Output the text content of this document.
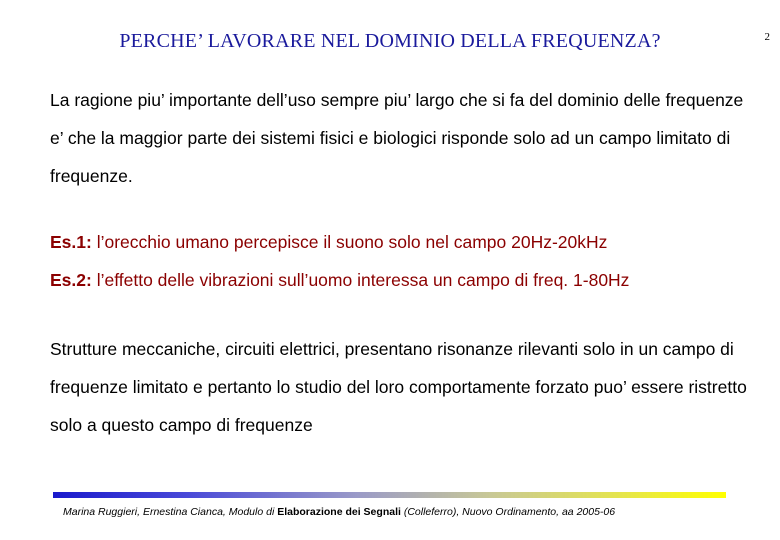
2
PERCHE’ LAVORARE NEL DOMINIO DELLA FREQUENZA?

La ragione piu’ importante dell’uso sempre piu’ largo che si fa del dominio delle frequenze e’ che la maggior parte dei sistemi fisici e biologici risponde solo ad un campo limitato di frequenze.

Es.1: l’orecchio umano percepisce il suono solo nel campo 20Hz-20kHz

Es.2: l’effetto delle vibrazioni sull’uomo interessa un campo di freq. 1-80Hz

Strutture meccaniche, circuiti elettrici, presentano risonanze rilevanti solo in un campo di frequenze limitato e pertanto lo studio del loro comportamente forzato puo’ essere ristretto solo a questo campo di frequenze

Marina Ruggieri, Ernestina Cianca, Modulo di Elaborazione dei Segnali (Colleferro), Nuovo Ordinamento, aa 2005-06
